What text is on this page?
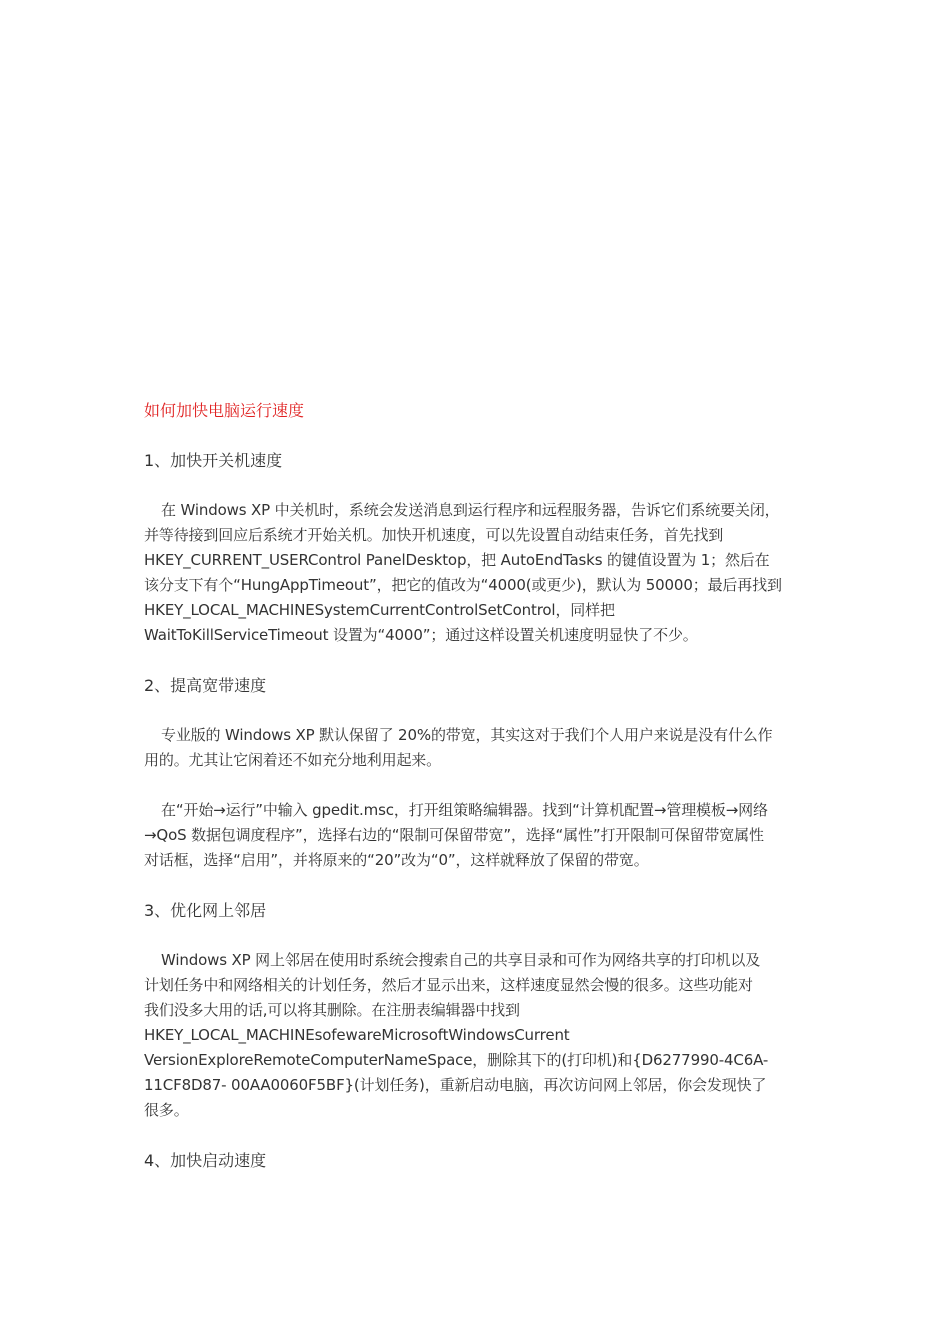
如何加快电脑运行速度
1、加快开关机速度
在 Windows XP 中关机时，系统会发送消息到运行程序和远程服务器，告诉它们系统要关闭，
并等待接到回应后系统才开始关机。加快开机速度，可以先设置自动结束任务，首先找到
HKEY_CURRENT_USERControl PanelDesktop，把 AutoEndTasks 的键值设置为 1；然后在
该分支下有个“HungAppTimeout”，把它的值改为“4000(或更少)，默认为 50000；最后再找到
HKEY_LOCAL_MACHINESystemCurrentControlSetControl，同样把
WaitToKillServiceTimeout 设置为“4000”；通过这样设置关机速度明显快了不少。
2、提高宽带速度
专业版的 Windows XP 默认保留了 20%的带宽，其实这对于我们个人用户来说是没有什么作
用的。尤其让它闲着还不如充分地利用起来。
在“开始→运行”中输入 gpedit.msc，打开组策略编辑器。找到“计算机配置→管理模板→网络
→QoS 数据包调度程序”，选择右边的“限制可保留带宽”，选择“属性”打开限制可保留带宽属性
对话框，选择“启用”，并将原来的“20”改为“0”，这样就释放了保留的带宽。
3、优化网上邻居
Windows XP 网上邻居在使用时系统会搜索自己的共享目录和可作为网络共享的打印机以及
计划任务中和网络相关的计划任务，然后才显示出来，这样速度显然会慢的很多。这些功能对
我们没多大用的话,可以将其删除。在注册表编辑器中找到
HKEY_LOCAL_MACHINEsofewareMicrosoftWindowsCurrent
VersionExploreRemoteComputerNameSpace，删除其下的(打印机)和{D6277990-4C6A-
11CF8D87- 00AA0060F5BF}(计划任务)，重新启动电脑，再次访问网上邻居，你会发现快了
很多。
4、加快启动速度
